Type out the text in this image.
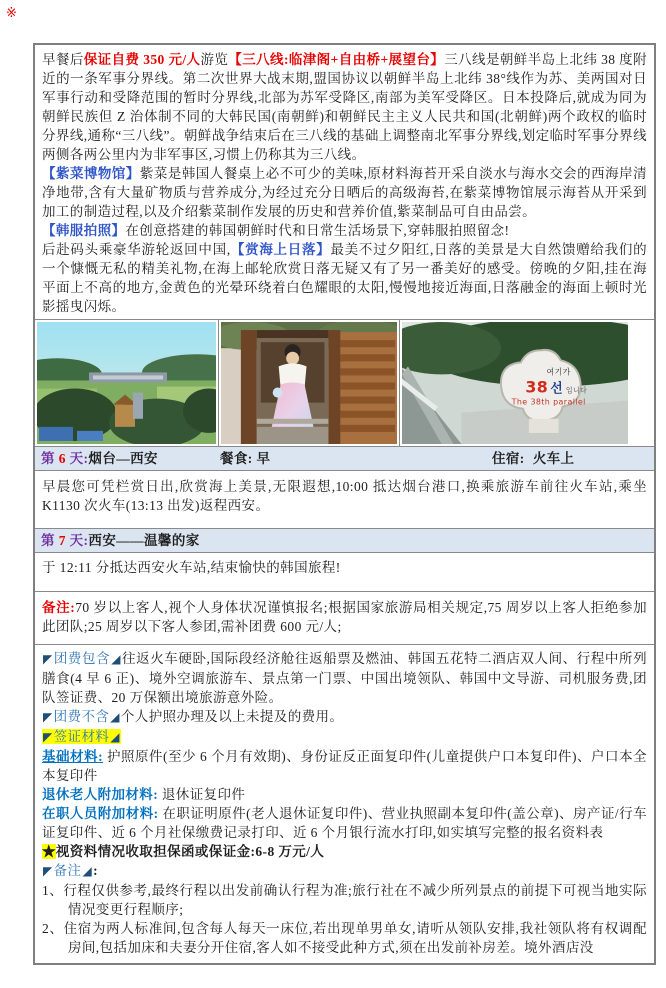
※

早餐后保证自费 350 元/人游览【三八线:临津阁+自由桥+展望台】三八线是朝鲜半岛上北纬 38 度附近的一条军事分界线。第二次世界大战末期,盟国协议以朝鲜半岛上北纬 38°线作为苏、美两国对日军事行动和受降范围的暂时分界线,北部为苏军受降区,南部为美军受降区。日本投降后,就成为同为朝鲜民族但 Z 治体制不同的大韩民国(南朝鲜)和朝鲜民主主义人民共和国(北朝鲜)两个政权的临时分界线,通称“三八线”。朝鲜战争结束后在三八线的基础上调整南北军事分界线,划定临时军事分界线两侧各两公里内为非军事区,习惯上仍称其为三八线。

【紫菜博物馆】紫菜是韩国人餐桌上必不可少的美味,原材料海苔开采自淡水与海水交会的西海岸清净地带,含有大量矿物质与营养成分,为经过充分日晒后的高级海苔,在紫菜博物馆展示海苔从开采到加工的制造过程,以及介绍紫菜制作发展的历史和营养价值,紫菜制品可自由品尝。

【韩服拍照】在创意搭建的韩国朝鲜时代和日常生活场景下,穿韩服拍照留念!

后赴码头乘豪华游轮返回中国,【赏海上日落】最美不过夕阳红,日落的美景是大自然馈赠给我们的一个慷慨无私的精美礼物,在海上邮轮欣赏日落无疑又有了另一番美好的感受。傍晚的夕阳,挂在海平面上不高的地方,金黄色的光晕环绕着白色耀眼的太阳,慢慢地接近海面,日落融金的海面上顿时光影摇曳闪烁。

여기가
38 선 입니다
The 38th parallel
第 6 天:烟台—西安	餐食: 早	住宿: 火车上

早晨您可凭栏赏日出,欣赏海上美景,无限遐想,10:00 抵达烟台港口,换乘旅游车前往火车站,乘坐 K1130 次火车(13:13 出发)返程西安。

第 7 天:西安——温馨的家

于 12:11 分抵达西安火车站,结束愉快的韩国旅程!

备注:70 岁以上客人,视个人身体状况谨慎报名;根据国家旅游局相关规定,75 周岁以上客人拒绝参加此团队;25 周岁以下客人参团,需补团费 600 元/人;

◤团费包含◢往返火车硬卧,国际段经济舱往返船票及燃油、韩国五花特二酒店双人间、行程中所列膳食(4 早 6 正)、境外空调旅游车、景点第一门票、中国出境领队、韩国中文导游、司机服务费,团队签证费、20 万保额出境旅游意外险。

◤团费不含◢个人护照办理及以上未提及的费用。

◤签证材料◢

基础材料: 护照原件(至少 6 个月有效期)、身份证反正面复印件(儿童提供户口本复印件)、户口本全本复印件

退休老人附加材料: 退休证复印件

在职人员附加材料: 在职证明原件(老人退休证复印件)、营业执照副本复印件(盖公章)、房产证/行车证复印件、近 6 个月社保缴费记录打印、近 6 个月银行流水打印,如实填写完整的报名资料表

★视资料情况收取担保函或保证金:6-8 万元/人

◤备注◢:

1、行程仅供参考,最终行程以出发前确认行程为准;旅行社在不减少所列景点的前提下可视当地实际情况变更行程顺序;
2、住宿为两人标准间,包含每人每天一床位,若出现单男单女,请听从领队安排,我社领队将有权调配房间,包括加床和夫妻分开住宿,客人如不接受此种方式,须在出发前补房差。境外酒店没
